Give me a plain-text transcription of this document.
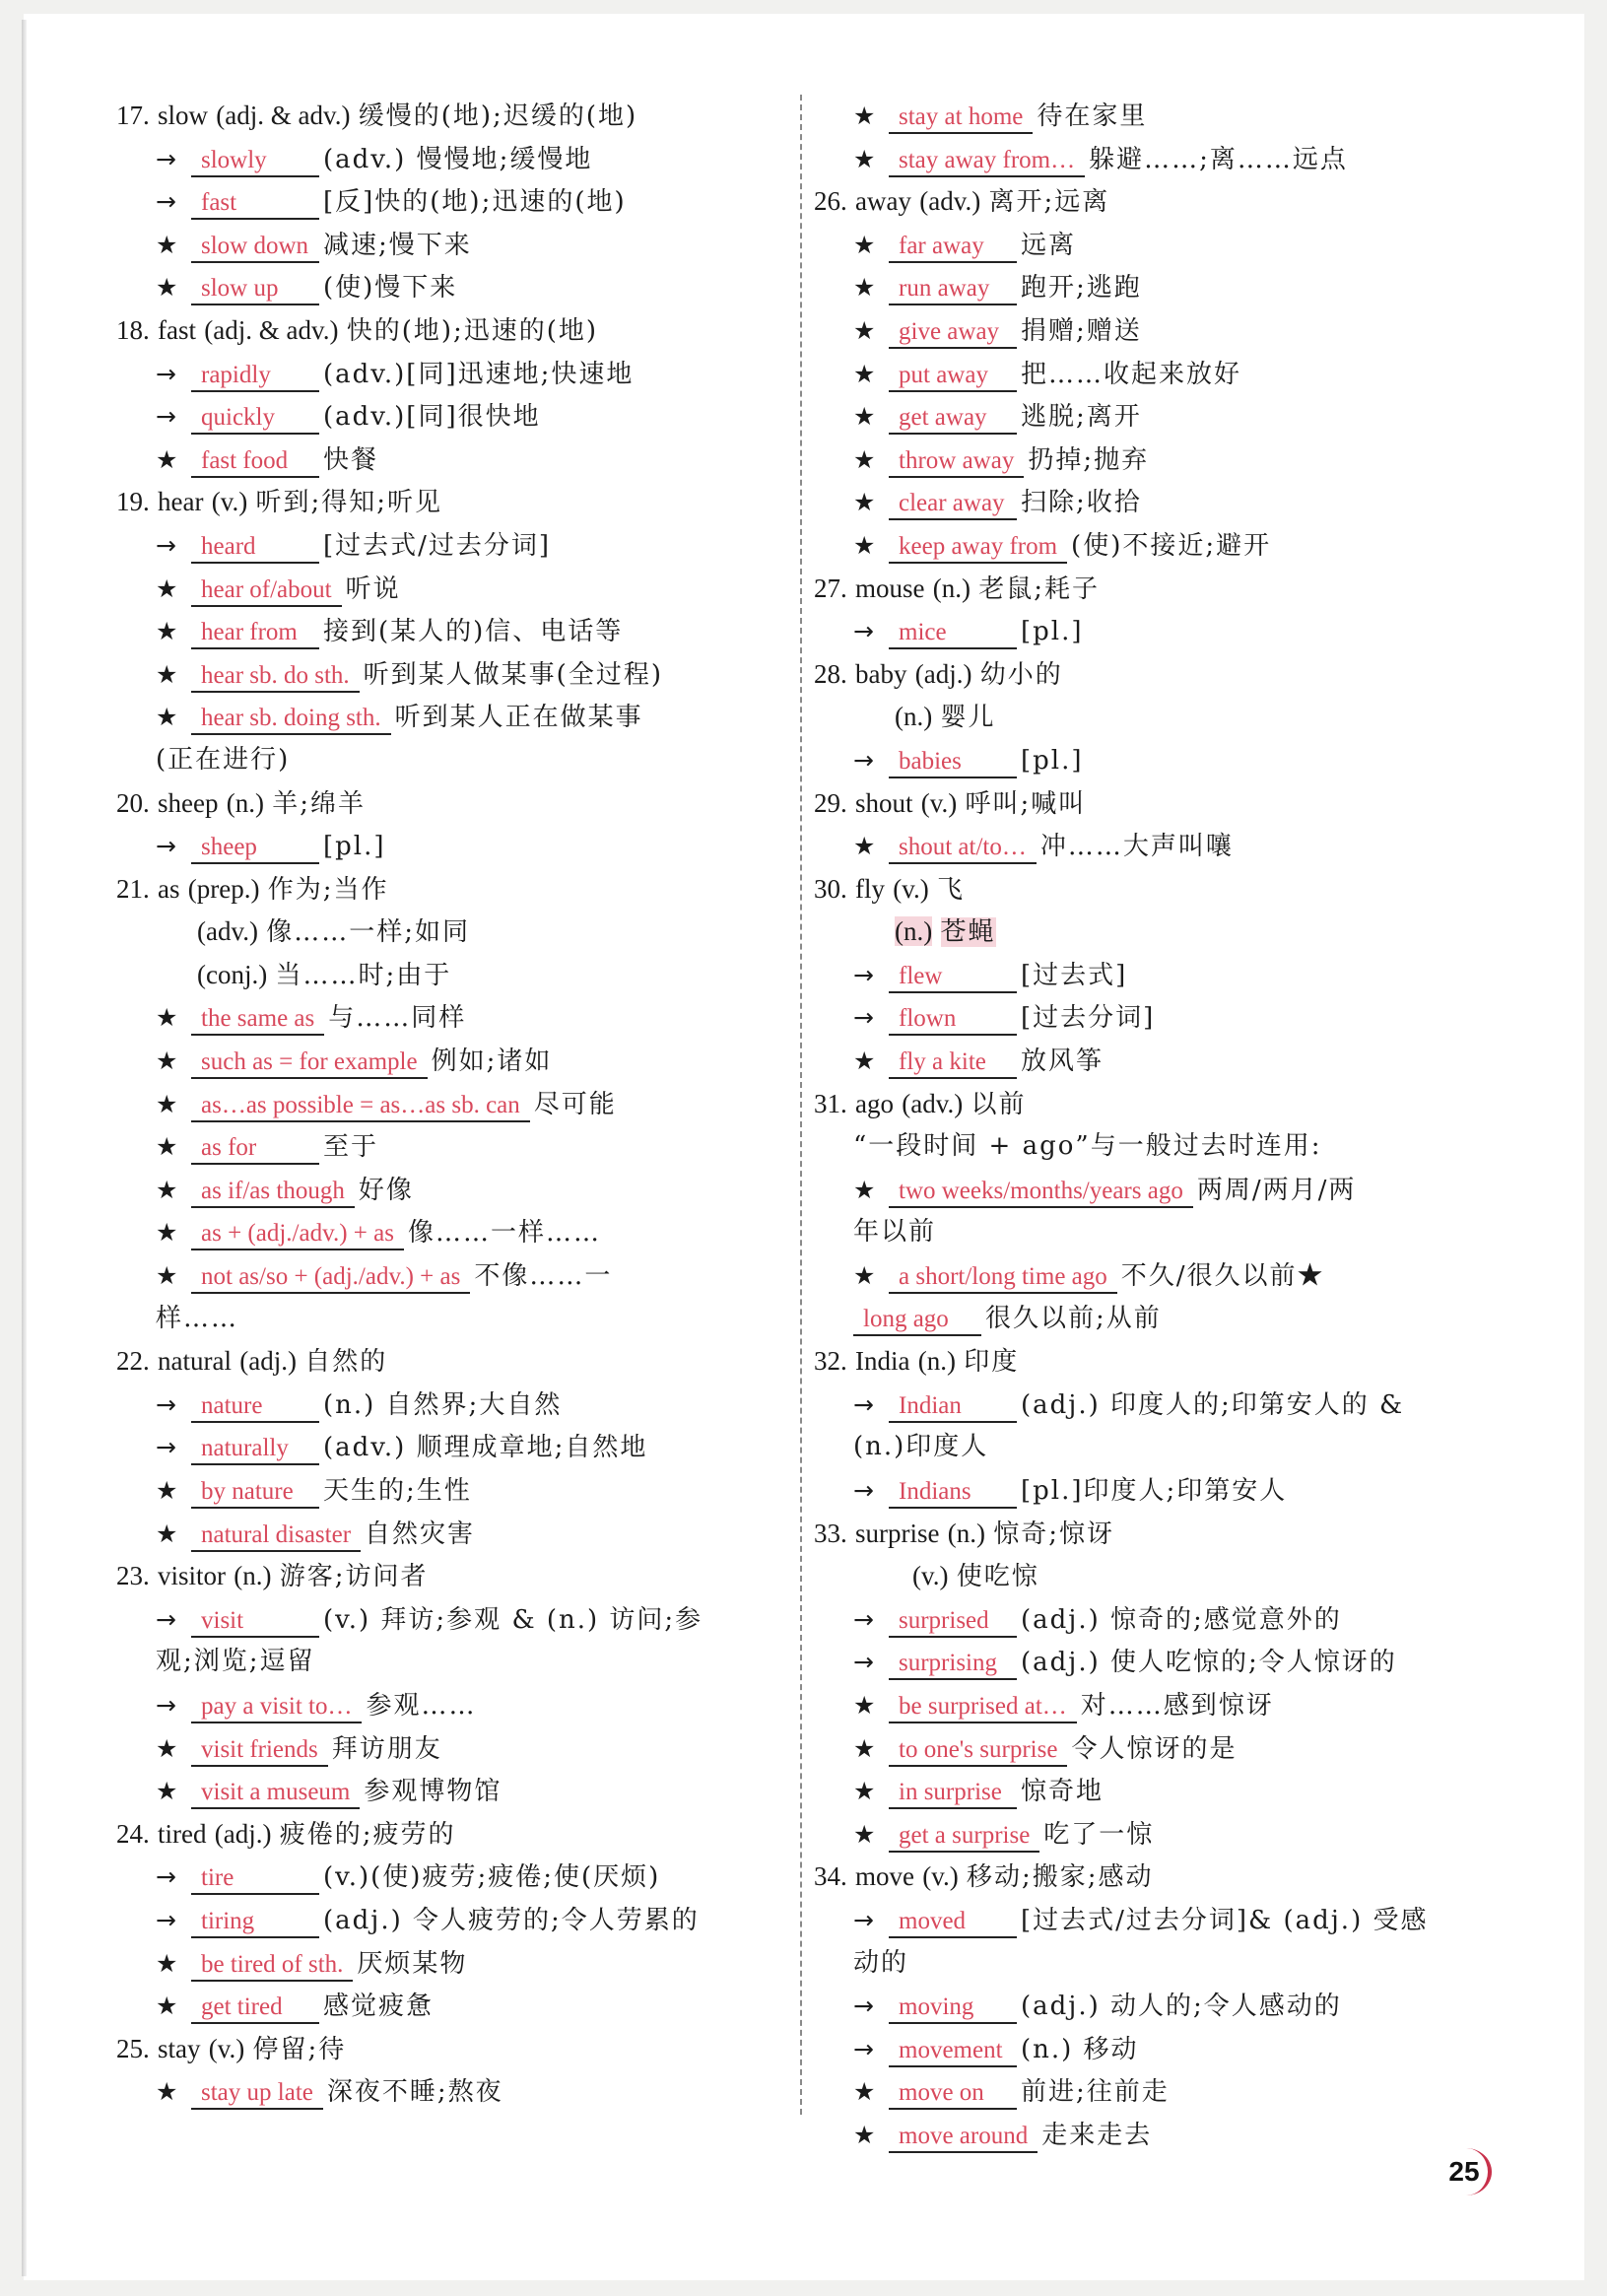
17. slow (adj. & adv.) 缓慢的(地);迟缓的(地)
→ slowly (adv.) 慢慢地;缓慢地
→ fast	[反]快的(地);迅速的(地)
★ slow down 减速;慢下来
★ slow up (使)慢下来
18. fast (adj. & adv.) 快的(地);迅速的(地)
→ rapidly (adv.)[同]迅速地;快速地
→ quickly (adv.)[同]很快地
★ fast food 快餐
19. hear (v.) 听到;得知;听见
→ heard	[过去式/过去分词]
★ hear of/about 听说
★ hear from 接到(某人的)信、电话等
★ hear sb. do sth. 听到某人做某事(全过程)
★ hear sb. doing sth. 听到某人正在做某事
(正在进行)
20. sheep (n.) 羊;绵羊
→ sheep	[pl.]
21. as (prep.) 作为;当作
(adv.) 像……一样;如同
(conj.) 当……时;由于
★ the same as 与……同样
★ such as = for example 例如;诸如
★ as…as possible = as…as sb. can 尽可能
★ as for	至于
★ as if/as though 好像
★ as + (adj./adv.) + as 像……一样……
★ not as/so + (adj./adv.) + as 不像……一
样……
22. natural (adj.) 自然的
→ nature (n.) 自然界;大自然
→ naturally (adv.) 顺理成章地;自然地
★ by nature 天生的;生性
★ natural disaster 自然灾害
23. visitor (n.) 游客;访问者
→ visit	(v.) 拜访;参观 & (n.) 访问;参
观;浏览;逗留
→ pay a visit to… 参观……
★ visit friends 拜访朋友
★ visit a museum 参观博物馆
24. tired (adj.) 疲倦的;疲劳的
→ tire	(v.)(使)疲劳;疲倦;使(厌烦)
→ tiring	(adj.) 令人疲劳的;令人劳累的
★ be tired of sth. 厌烦某物
★ get tired 感觉疲惫
25. stay (v.) 停留;待
★ stay up late 深夜不睡;熬夜
★ stay at home 待在家里
★ stay away from… 躲避……;离……远点
26. away (adv.) 离开;远离
★ far away 远离
★ run away 跑开;逃跑
★ give away 捐赠;赠送
★ put away 把……收起来放好
★ get away 逃脱;离开
★ throw away 扔掉;抛弃
★ clear away 扫除;收拾
★ keep away from (使)不接近;避开
27. mouse (n.) 老鼠;耗子
→ mice	[pl.]
28. baby (adj.) 幼小的
(n.) 婴儿
→ babies [pl.]
29. shout (v.) 呼叫;喊叫
★ shout at/to… 冲……大声叫嚷
30. fly (v.) 飞
(n.) 苍蝇
→ flew	[过去式]
→ flown	[过去分词]
★ fly a kite 放风筝
31. ago (adv.) 以前
“一段时间 + ago”与一般过去时连用:
★ two weeks/months/years ago 两周/两月/两
年以前
★ a short/long time ago 不久/很久以前★
long ago 很久以前;从前
32. India (n.) 印度
→ Indian (adj.) 印度人的;印第安人的 &
(n.)印度人
→ Indians [pl.]印度人;印第安人
33. surprise (n.) 惊奇;惊讶
(v.) 使吃惊
→ surprised (adj.) 惊奇的;感觉意外的
→ surprising (adj.) 使人吃惊的;令人惊讶的
★ be surprised at… 对……感到惊讶
★ to one's surprise 令人惊讶的是
★ in surprise 惊奇地
★ get a surprise 吃了一惊
34. move (v.) 移动;搬家;感动
→ moved [过去式/过去分词]& (adj.) 受感
动的
→ moving (adj.) 动人的;令人感动的
→ movement (n.) 移动
★ move on 前进;往前走
★ move around 走来走去
25
